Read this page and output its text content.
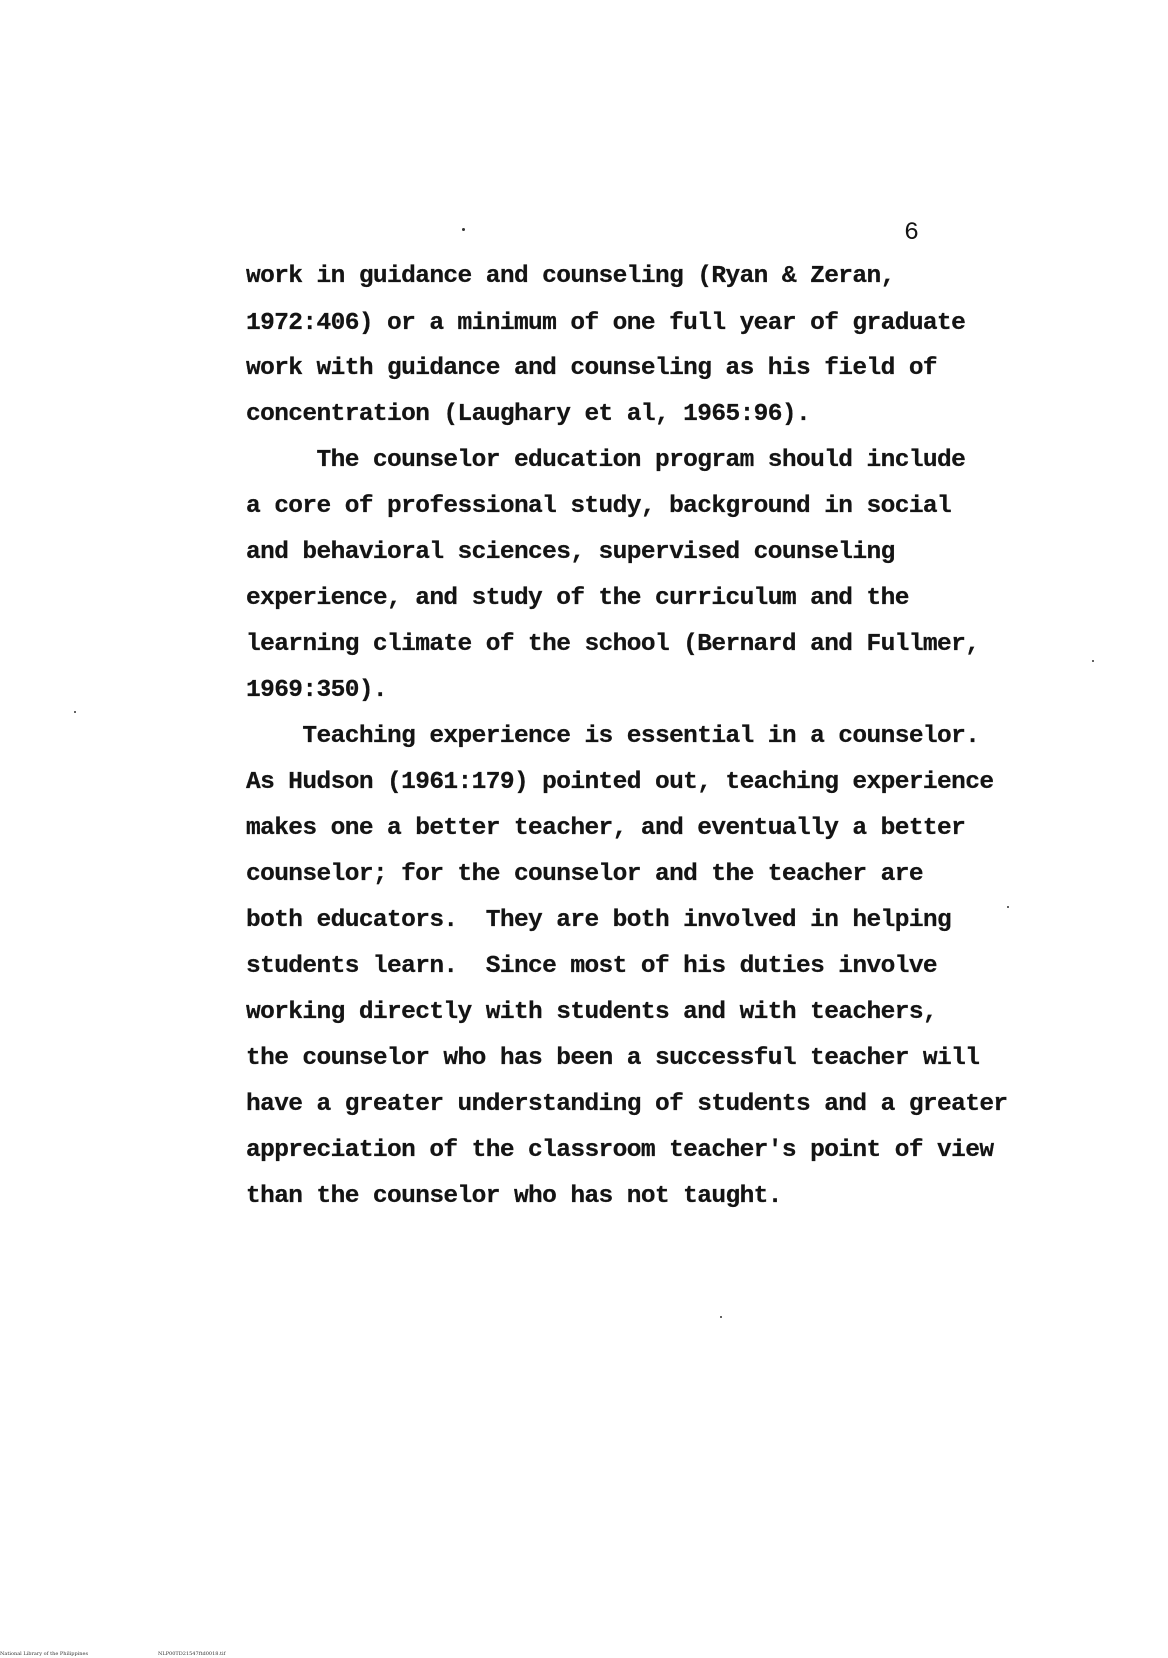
6
work in guidance and counseling (Ryan & Zeran,
1972:406) or a minimum of one full year of graduate
work with guidance and counseling as his field of
concentration (Laughary et al, 1965:96).
The counselor education program should include
a core of professional study, background in social
and behavioral sciences, supervised counseling
experience, and study of the curriculum and the
learning climate of the school (Bernard and Fullmer,
1969:350).
Teaching experience is essential in a counselor.
As Hudson (1961:179) pointed out, teaching experience
makes one a better teacher, and eventually a better
counselor; for the counselor and the teacher are
both educators.  They are both involved in helping
students learn.  Since most of his duties involve
working directly with students and with teachers,
the counselor who has been a successful teacher will
have a greater understanding of students and a greater
appreciation of the classroom teacher's point of view
than the counselor who has not taught.
National Library of the Philippines	NLP00TD21547ftd0018.tif
